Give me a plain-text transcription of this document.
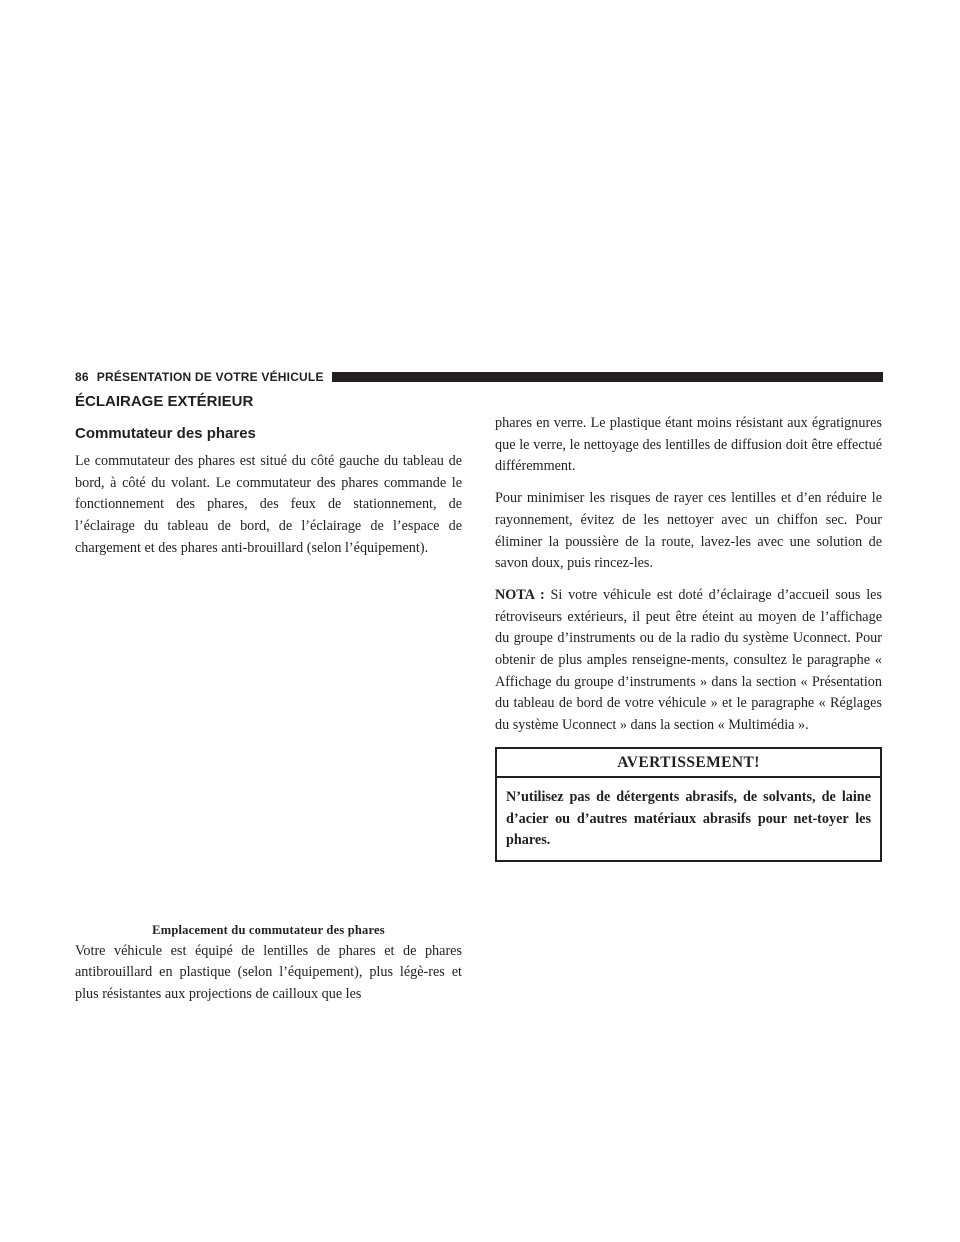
86 PRÉSENTATION DE VOTRE VÉHICULE
ÉCLAIRAGE EXTÉRIEUR
Commutateur des phares

Le commutateur des phares est situé du côté gauche du tableau de bord, à côté du volant. Le commutateur des phares commande le fonctionnement des phares, des feux de stationnement, de l’éclairage du tableau de bord, de l’éclairage de l’espace de chargement et des phares anti-brouillard (selon l’équipement).

Emplacement du commutateur des phares

Votre véhicule est équipé de lentilles de phares et de phares antibrouillard en plastique (selon l’équipement), plus légè-res et plus résistantes aux projections de cailloux que les

phares en verre. Le plastique étant moins résistant aux égratignures que le verre, le nettoyage des lentilles de diffusion doit être effectué différemment.

Pour minimiser les risques de rayer ces lentilles et d’en réduire le rayonnement, évitez de les nettoyer avec un chiffon sec. Pour éliminer la poussière de la route, lavez-les avec une solution de savon doux, puis rincez-les.

NOTA : Si votre véhicule est doté d’éclairage d’accueil sous les rétroviseurs extérieurs, il peut être éteint au moyen de l’affichage du groupe d’instruments ou de la radio du système Uconnect. Pour obtenir de plus amples renseigne-ments, consultez le paragraphe « Affichage du groupe d’instruments » dans la section « Présentation du tableau de bord de votre véhicule » et le paragraphe « Réglages du système Uconnect » dans la section « Multimédia ».

AVERTISSEMENT!
N’utilisez pas de détergents abrasifs, de solvants, de laine d’acier ou d’autres matériaux abrasifs pour net-toyer les phares.
